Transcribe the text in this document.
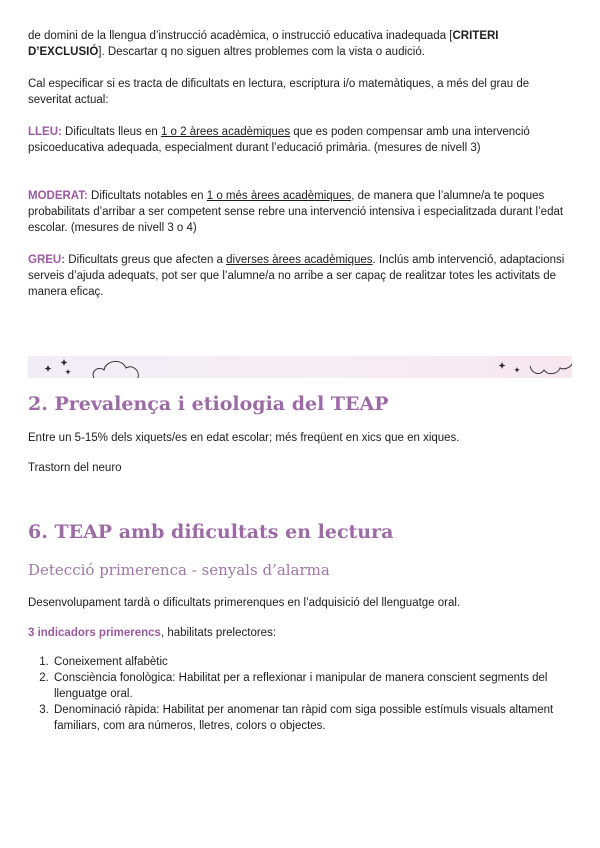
de domini de la llengua d’instrucció acadèmica, o instrucció educativa inadequada [CRITERI D’EXCLUSIÓ]. Descartar q no siguen altres problemes com la vista o audició.

Cal especificar si es tracta de dificultats en lectura, escriptura i/o matemàtiques, a més del grau de severitat actual:

LLEU: Dificultats lleus en 1 o 2 àrees acadèmiques que es poden compensar amb una intervenció psicoeducativa adequada, especialment durant l’educació primària. (mesures de nivell 3)

MODERAT: Dificultats notables en 1 o més àrees acadèmiques, de manera que l’alumne/a te poques probabilitats d’arribar a ser competent sense rebre una intervenció intensiva i especialitzada durant l’edat escolar. (mesures de nivell 3 o 4)

GREU: Dificultats greus que afecten a diverses àrees acadèmiques. Inclús amb intervenció, adaptacionsi serveis d’ajuda adequats, pot ser que l’alumne/a no arribe a ser capaç de realitzar totes les activitats de manera eficaç.

2. Prevalença i etiologia del TEAP

Entre un 5-15% dels xiquets/es en edat escolar; més freqüent en xics que en xiques.

Trastorn del neuro

6. TEAP amb dificultats en lectura
Detecció primerenca - senyals d’alarma

Desenvolupament tardà o dificultats primerenques en l’adquisició del llenguatge oral.

3 indicadors primerencs, habilitats prelectores:

1. Coneixement alfabètic
2. Consciència fonològica: Habilitat per a reflexionar i manipular de manera conscient segments del llenguatge oral.
3. Denominació ràpida: Habilitat per anomenar tan ràpid com siga possible estímuls visuals altament familiars, com ara números, lletres, colors o objectes.
